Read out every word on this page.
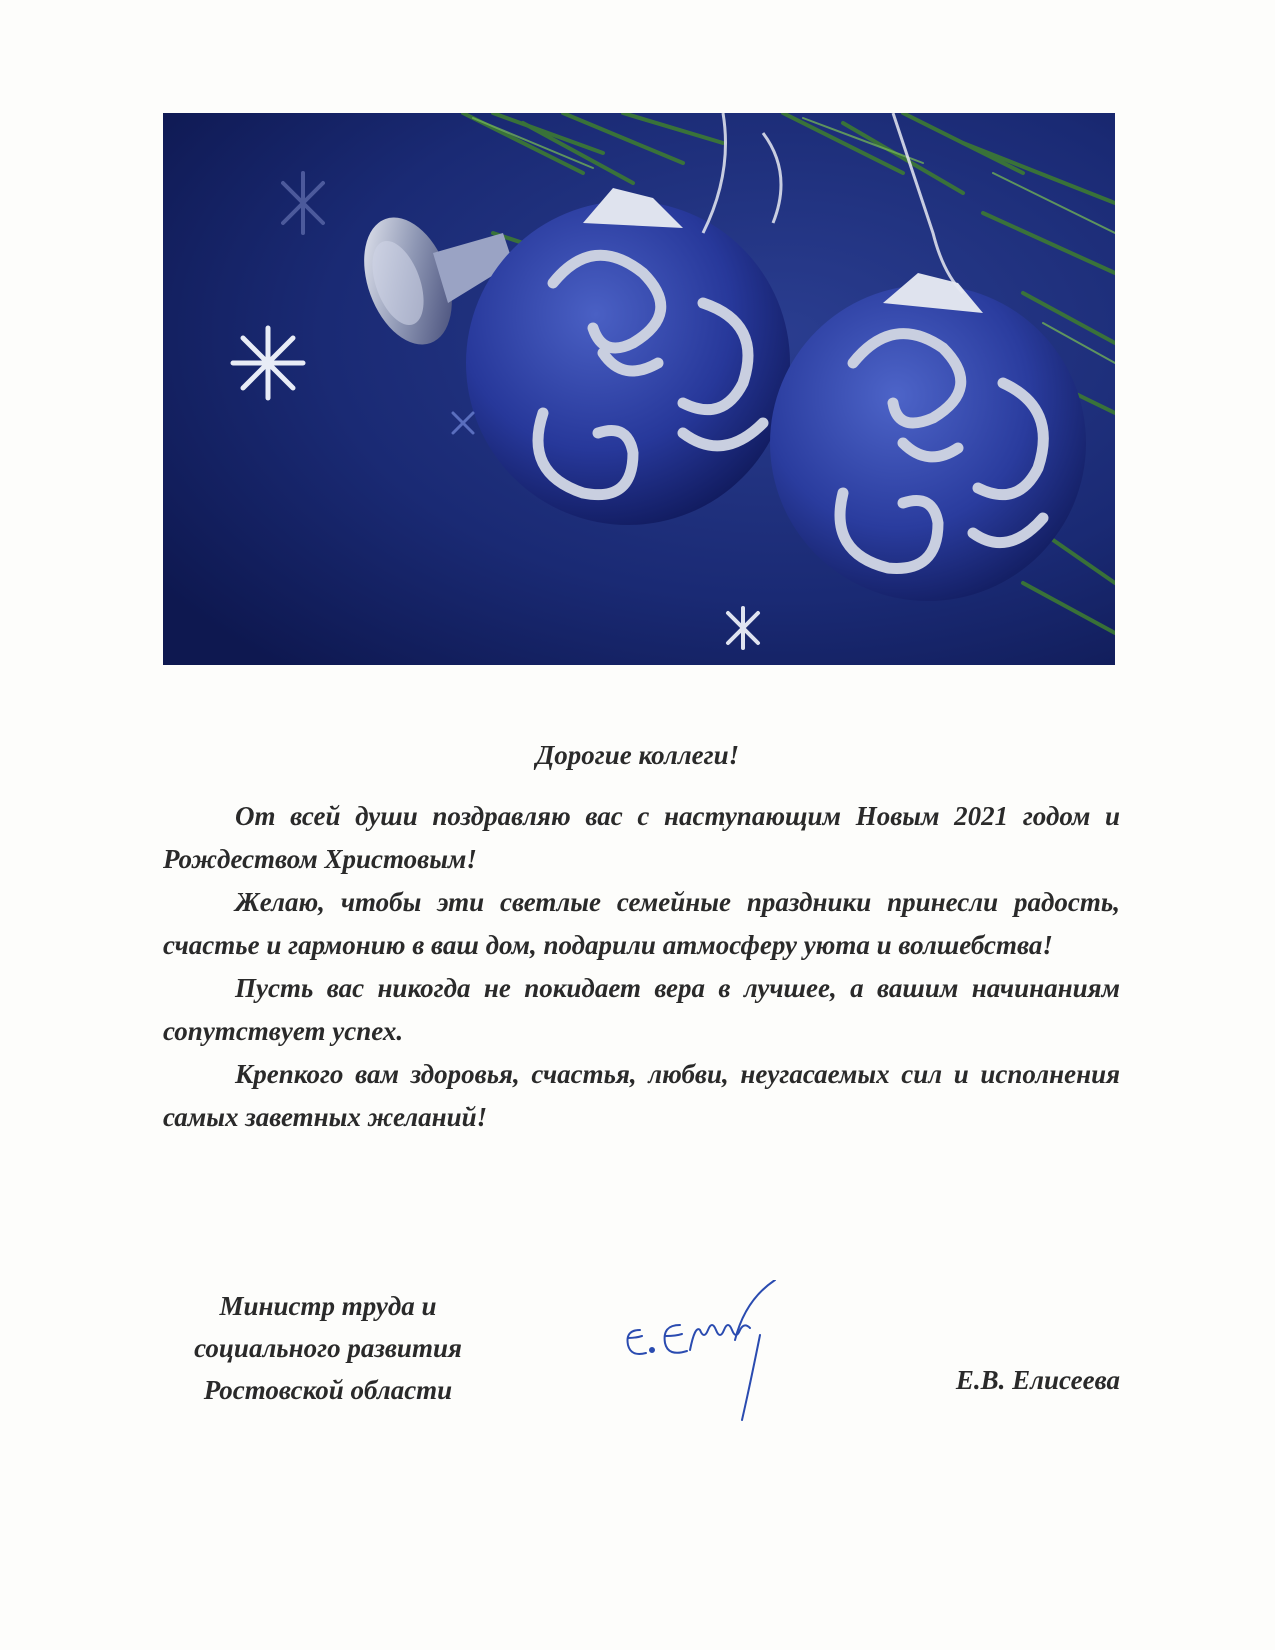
Дорогие коллеги!

От всей души поздравляю вас с наступающим Новым 2021 годом и Рождеством Христовым!

Желаю, чтобы эти светлые семейные праздники принесли радость, счастье и гармонию в ваш дом, подарили атмосферу уюта и волшебства!

Пусть вас никогда не покидает вера в лучшее, а вашим начинаниям сопутствует успех.

Крепкого вам здоровья, счастья, любви, неугасаемых сил и исполнения самых заветных желаний!

Министр труда и
социального развития
Ростовской области	Е.В. Елисеева
